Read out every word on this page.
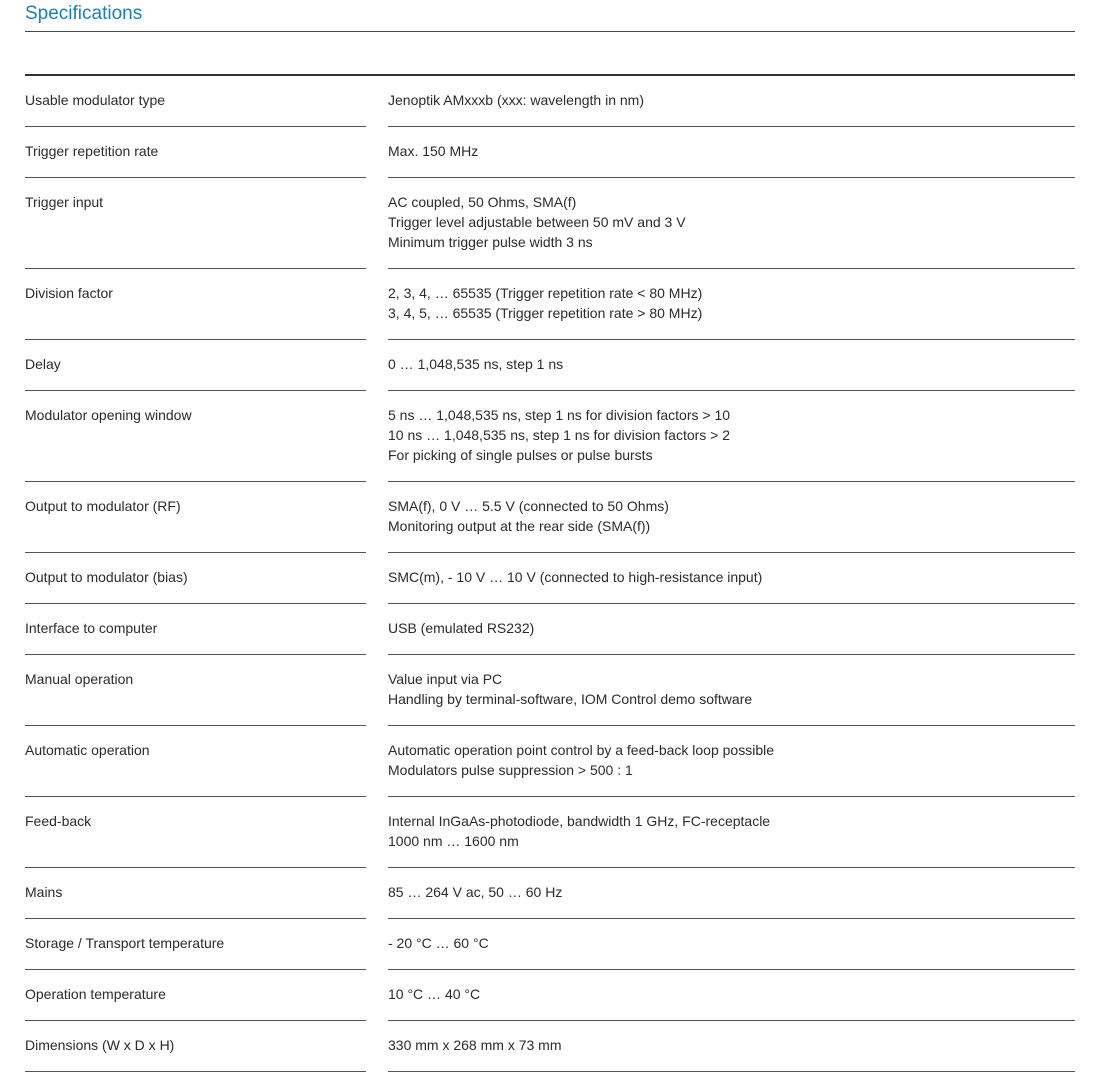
Specifications
Usable modulator type		Jenoptik AMxxxb (xxx: wavelength in nm)

Trigger repetition rate		Max. 150 MHz

Trigger input		AC coupled, 50 Ohms, SMA(f)
Trigger level adjustable between 50 mV and 3 V
Minimum trigger pulse width 3 ns

Division factor		2, 3, 4, … 65535 (Trigger repetition rate < 80 MHz)
3, 4, 5, … 65535 (Trigger repetition rate > 80 MHz)

Delay		0 … 1,048,535 ns, step 1 ns

Modulator opening window		5 ns … 1,048,535 ns, step 1 ns for division factors > 10
10 ns … 1,048,535 ns, step 1 ns for division factors > 2
For picking of single pulses or pulse bursts

Output to modulator (RF)		SMA(f), 0 V … 5.5 V (connected to 50 Ohms)
Monitoring output at the rear side (SMA(f))

Output to modulator (bias)		SMC(m), - 10 V … 10 V (connected to high-resistance input)

Interface to computer		USB (emulated RS232)

Manual operation		Value input via PC
Handling by terminal-software, IOM Control demo software

Automatic operation		Automatic operation point control by a feed-back loop possible
Modulators pulse suppression > 500 : 1

Feed-back		Internal InGaAs-photodiode, bandwidth 1 GHz, FC-receptacle
1000 nm … 1600 nm

Mains		85 … 264 V ac, 50 … 60 Hz

Storage / Transport temperature		- 20 °C … 60 °C

Operation temperature		10 °C … 40 °C

Dimensions (W x D x H)		330 mm x 268 mm x 73 mm
